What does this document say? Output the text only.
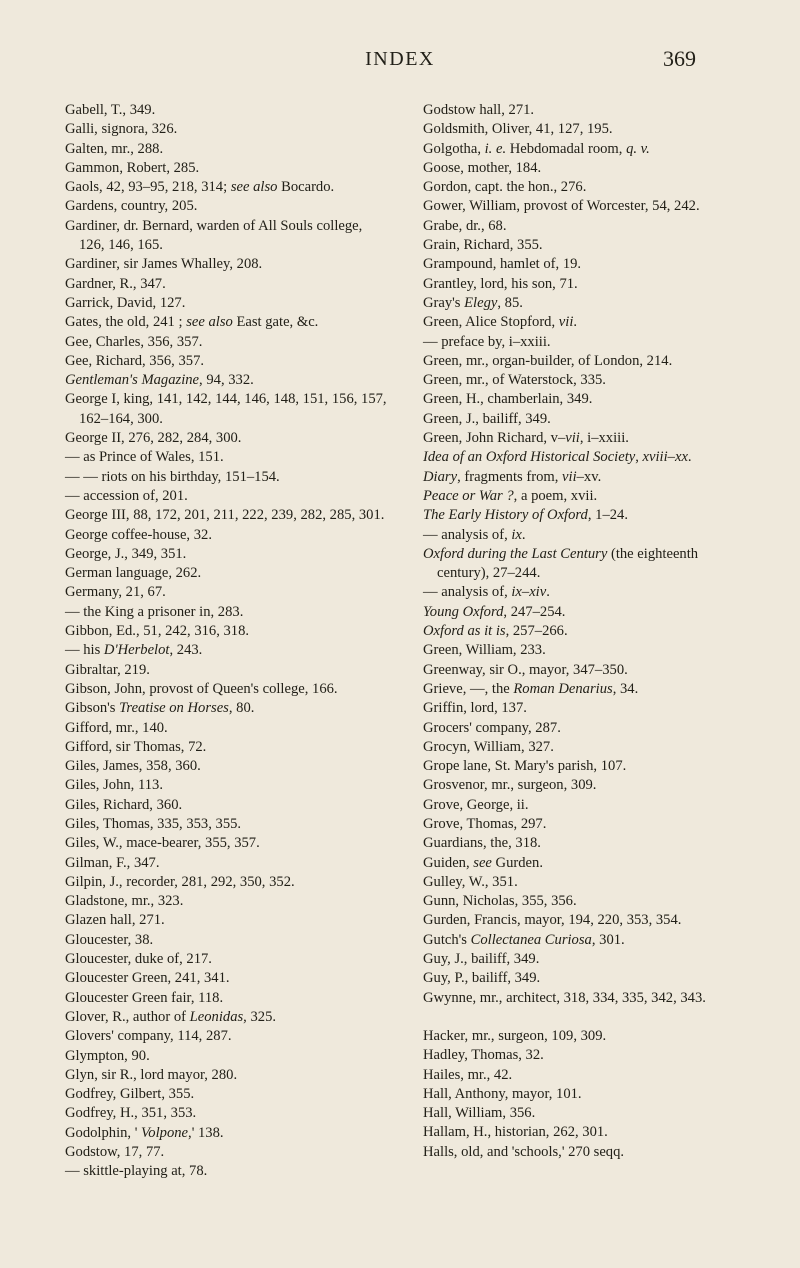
INDEX	369
Gabell, T., 349.
Galli, signora, 326.
Galten, mr., 288.
Gammon, Robert, 285.
Gaols, 42, 93–95, 218, 314; see also Bocardo.
Gardens, country, 205.
Gardiner, dr. Bernard, warden of All Souls college, 126, 146, 165.
Gardiner, sir James Whalley, 208.
Gardner, R., 347.
Garrick, David, 127.
Gates, the old, 241 ; see also East gate, &c.
Gee, Charles, 356, 357.
Gee, Richard, 356, 357.
Gentleman's Magazine, 94, 332.
George I, king, 141, 142, 144, 146, 148, 151, 156, 157, 162–164, 300.
George II, 276, 282, 284, 300.
— as Prince of Wales, 151.
— — riots on his birthday, 151–154.
— accession of, 201.
George III, 88, 172, 201, 211, 222, 239, 282, 285, 301.
George coffee-house, 32.
George, J., 349, 351.
German language, 262.
Germany, 21, 67.
— the King a prisoner in, 283.
Gibbon, Ed., 51, 242, 316, 318.
— his D'Herbelot, 243.
Gibraltar, 219.
Gibson, John, provost of Queen's college, 166.
Gibson's Treatise on Horses, 80.
Gifford, mr., 140.
Gifford, sir Thomas, 72.
Giles, James, 358, 360.
Giles, John, 113.
Giles, Richard, 360.
Giles, Thomas, 335, 353, 355.
Giles, W., mace-bearer, 355, 357.
Gilman, F., 347.
Gilpin, J., recorder, 281, 292, 350, 352.
Gladstone, mr., 323.
Glazen hall, 271.
Gloucester, 38.
Gloucester, duke of, 217.
Gloucester Green, 241, 341.
Gloucester Green fair, 118.
Glover, R., author of Leonidas, 325.
Glovers' company, 114, 287.
Glympton, 90.
Glyn, sir R., lord mayor, 280.
Godfrey, Gilbert, 355.
Godfrey, H., 351, 353.
Godolphin, ' Volpone,' 138.
Godstow, 17, 77.
— skittle-playing at, 78.
Godstow hall, 271.
Goldsmith, Oliver, 41, 127, 195.
Golgotha, i. e. Hebdomadal room, q. v.
Goose, mother, 184.
Gordon, capt. the hon., 276.
Gower, William, provost of Worcester, 54, 242.
Grabe, dr., 68.
Grain, Richard, 355.
Grampound, hamlet of, 19.
Grantley, lord, his son, 71.
Gray's Elegy, 85.
Green, Alice Stopford, vii.
— preface by, i–xxiii.
Green, mr., organ-builder, of London, 214.
Green, mr., of Waterstock, 335.
Green, H., chamberlain, 349.
Green, J., bailiff, 349.
Green, John Richard, v–vii, i–xxiii.
Idea of an Oxford Historical Society, xviii–xx.
Diary, fragments from, vii–xv.
Peace or War ?, a poem, xvii.
The Early History of Oxford, 1–24.
— analysis of, ix.
Oxford during the Last Century (the eighteenth century), 27–244.
— analysis of, ix–xiv.
Young Oxford, 247–254.
Oxford as it is, 257–266.
Green, William, 233.
Greenway, sir O., mayor, 347–350.
Grieve, —, the Roman Denarius, 34.
Griffin, lord, 137.
Grocers' company, 287.
Grocyn, William, 327.
Grope lane, St. Mary's parish, 107.
Grosvenor, mr., surgeon, 309.
Grove, George, ii.
Grove, Thomas, 297.
Guardians, the, 318.
Guiden, see Gurden.
Gulley, W., 351.
Gunn, Nicholas, 355, 356.
Gurden, Francis, mayor, 194, 220, 353, 354.
Gutch's Collectanea Curiosa, 301.
Guy, J., bailiff, 349.
Guy, P., bailiff, 349.
Gwynne, mr., architect, 318, 334, 335, 342, 343.
Hacker, mr., surgeon, 109, 309.
Hadley, Thomas, 32.
Hailes, mr., 42.
Hall, Anthony, mayor, 101.
Hall, William, 356.
Hallam, H., historian, 262, 301.
Halls, old, and 'schools,' 270 seqq.
